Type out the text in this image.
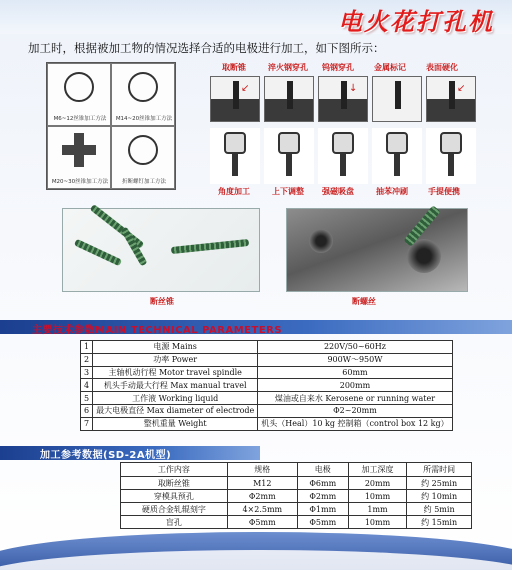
电火花打孔机
加工时，根据被加工物的情况选择合适的电极进行加工，如下图所示：
M6~12丝锥加工方法	M14~20丝锥加工方法
M20~30丝锥加工方法	折断螺钉加工方法
取断锥	淬火钢穿孔 钨钢穿孔	金属标记	表面硬化
↙	↓	↙
角度加工	上下调整 强磁吸盘	抽苯冲刷	手提便携
断丝锥	断螺丝
主要技术参数MAIN TECHNICAL PARAMETERS
1	电源 Mains	220V/50~60Hz
2	功率 Power	900W～950W
3	主轴机动行程 Motor travel spindle	60mm
4	机头手动最大行程 Max manual travel	200mm
5	工作液 Working liquid	煤油或自来水 Kerosene or running water
6	最大电极直径 Max diameter of electrode	Φ2~20mm
7	整机重量 Weight	机头（Heal）10 kg 控制箱（control box 12 kg）
加工参考数据(SD-2A机型)
工作内容	规格	电极	加工深度	所需时间
取断丝锥	M12	Φ6mm	20mm	约 25min
穿模具预孔	Φ2mm	Φ2mm	10mm	约 10min
硬质合金轧辊刻字	4×2.5mm	Φ1mm	1mm	约 5min
盲孔	Φ5mm	Φ5mm	10mm	约 15min
